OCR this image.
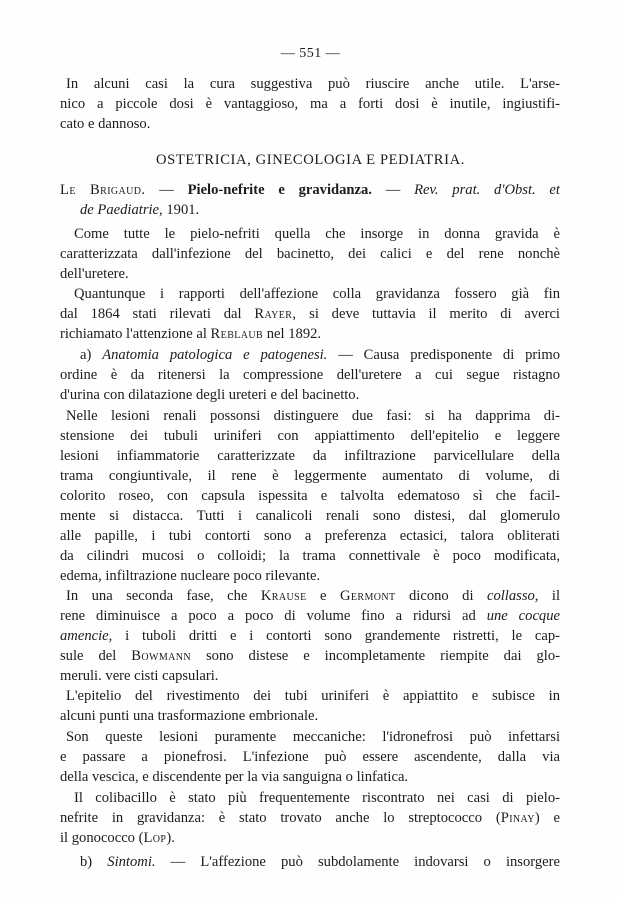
— 551 —
In alcuni casi la cura suggestiva può riuscire anche utile. L'arse-
nico a piccole dosi è vantaggioso, ma a forti dosi è inutile, ingiustifi-
cato e dannoso.
OSTETRICIA, GINECOLOGIA E PEDIATRIA.
Le Brigaud. — Pielo-nefrite e gravidanza. — Rev. prat. d'Obst. et
de Paediatrie, 1901.
Come tutte le pielo-nefriti quella che insorge in donna gravida è
caratterizzata dall'infezione del bacinetto, dei calici e del rene nonchè
dell'uretere.
Quantunque i rapporti dell'affezione colla gravidanza fossero già fin
dal 1864 stati rilevati dal Rayer, si deve tuttavia il merito di averci
richiamato l'attenzione al Reblaub nel 1892.
a) Anatomia patologica e patogenesi. — Causa predisponente di primo
ordine è da ritenersi la compressione dell'uretere a cui segue ristagno
d'urina con dilatazione degli ureteri e del bacinetto.
Nelle lesioni renali possonsi distinguere due fasi: si ha dapprima di-
stensione dei tubuli uriniferi con appiattimento dell'epitelio e leggere
lesioni infiammatorie caratterizzate da infiltrazione parvicellulare della
trama congiuntivale, il rene è leggermente aumentato di volume, di
colorito roseo, con capsula ispessita e talvolta edematoso sì che facil-
mente si distacca. Tutti i canalicoli renali sono distesi, dal glomerulo
alle papille, i tubi contorti sono a preferenza ectasici, talora obliterati
da cilindri mucosi o colloidi; la trama connettivale è poco modificata,
edema, infiltrazione nucleare poco rilevante.
In una seconda fase, che Krause e Germont dicono di collasso, il
rene diminuisce a poco a poco di volume fino a ridursi ad une cocque
amencie, i tuboli dritti e i contorti sono grandemente ristretti, le cap-
sule del Bowmann sono distese e incompletamente riempite dai glo-
meruli. vere cisti capsulari.
L'epitelio del rivestimento dei tubi uriniferi è appiattito e subisce in
alcuni punti una trasformazione embrionale.
Son queste lesioni puramente meccaniche: l'idronefrosi può infettarsi
e passare a pionefrosi. L'infezione può essere ascendente, dalla via
della vescica, e discendente per la via sanguigna o linfatica.
Il colibacillo è stato più frequentemente riscontrato nei casi di pielo-
nefrite in gravidanza: è stato trovato anche lo streptococco (Pinay) e
il gonococco (Lop).
b) Sintomi. — L'affezione può subdolamente indovarsi o insorgere
